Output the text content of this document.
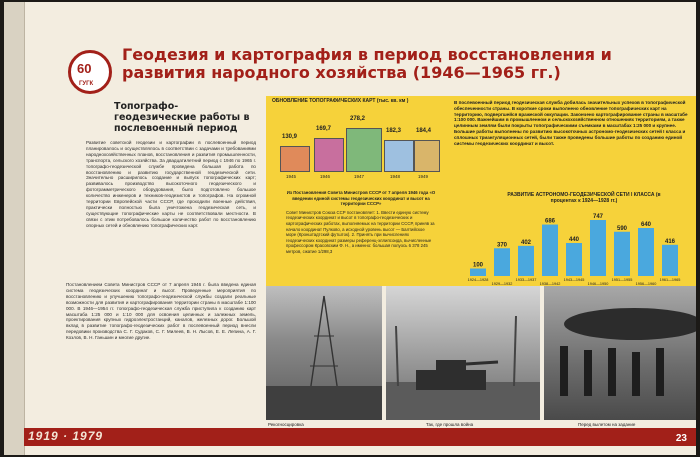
60
ГУГК
Геодезия и картография в период восстановления и развития народного хозяйства (1946—1965 гг.)
Топографо-геодезические работы в послевоенный период
Развитие советской геодезии и картографии в послевоенный период планировалось и осуществлялось в соответствии с задачами и требованиями народнохозяйственных планов, восстановления и развития промышленности, транспорта, сельского хозяйства. За двадцатилетний период с 1946 по 1965 г. топографо-геодезической службе проведена большая работа по восстановлению и развитию государственной геодезической сети. Значительно расширилось создание и выпуск топографических карт; развивалось производство высокоточного геодезического и фотограмметрического оборудования, было подготовлено большое количество инженеров и техников-геодезистов и топографов. На огромной территории Европейской части СССР, где проходили военные действия, практически полностью была уничтожена геодезическая сеть, и существующие топографические карты не соответствовали местности. В связи с этим потребовалось большое количество работ по восстановлению опорных сетей и обновлению топографических карт.
Постановлением Совета Министров СССР от 7 апреля 1946 г. была введена единая система геодезических координат и высот. Проведенные мероприятия по восстановлению и улучшению топографо-геодезической службы создали реальные возможности для развития и картографирования территории страны в масштабе 1:100 000. В 1946—1954 гг. топографо-геодезическая служба приступила к созданию карт масштаба 1:25 000 и 1:10 000 для освоения целинных и залежных земель, проектирования крупных гидроэлектростанций, каналов, железных дорог. Большой вклад в развитие топографо-геодезических работ в послевоенный период внесли передовики производства С. Г. Судаков, С. Г. Милеев, В. Н. Лысов, Е. Е. Лепина, А. Г. Козлов, В. Н. Ганьшин и многие другие.
ОБНОВЛЕНИЕ ТОПОГРАФИЧЕСКИХ КАРТ (тыс. кв. км )
130,9
1945
169,7
1946
278,2
1947
182,3
1948
184,4
1949
Из Постановления Совета Министров СССР от 7 апреля 1946 года «О введении единой системы геодезических координат и высот на территории СССР»
Совет Министров Союза ССР постановляет: 1. Ввести единую систему геодезических координат и высот в топографо-геодезических и картографических работах, выполняемых на территории СССР, приняв за начало координат Пулково, а исходной уровень высот — Балтийское море (Кронштадтский футшток). 2. Принять при вычислениях геодезических координат размеры референц-эллипсоида, вычисленные профессором Красовским Ф. Н., а именно: большая полуось 6 378 245 метров, сжатие 1/298,3
В послевоенный период геодезическая служба добилась значительных успехов в топографической обеспеченности страны. В короткие сроки выполнено обновление топографических карт на территорию, подвергшейся вражеской оккупации. Закончено картографирование страны в масштабе 1:100 000. Важнейшим в промышленном и сельскохозяйственном отношениях территориям, а также целинным землям были покрыты топографическими съемками в масштабах 1:25 000 и крупнее. Большие работы выполнены по развитию высокоточных астрономо-геодезических сетей I класса и сплошных триангуляционных сетей, были также проведены большие работы по созданию единой системы геодезических координат и высот.
РАЗВИТИЕ АСТРОНОМО-ГЕОДЕЗИЧЕСКОЙ СЕТИ I КЛАССА (в процентах к 1924—1928 гг.)
100
1924—1928
370
1929—1932
402
1933—1937
686
1938—1942
440
1943—1945
747
1946—1950
590
1951—1955
640
1956—1960
416
1961—1965
Рекогносцировка	Так, где прошла война	Перед вылетом на задание
1919 · 1979	23
